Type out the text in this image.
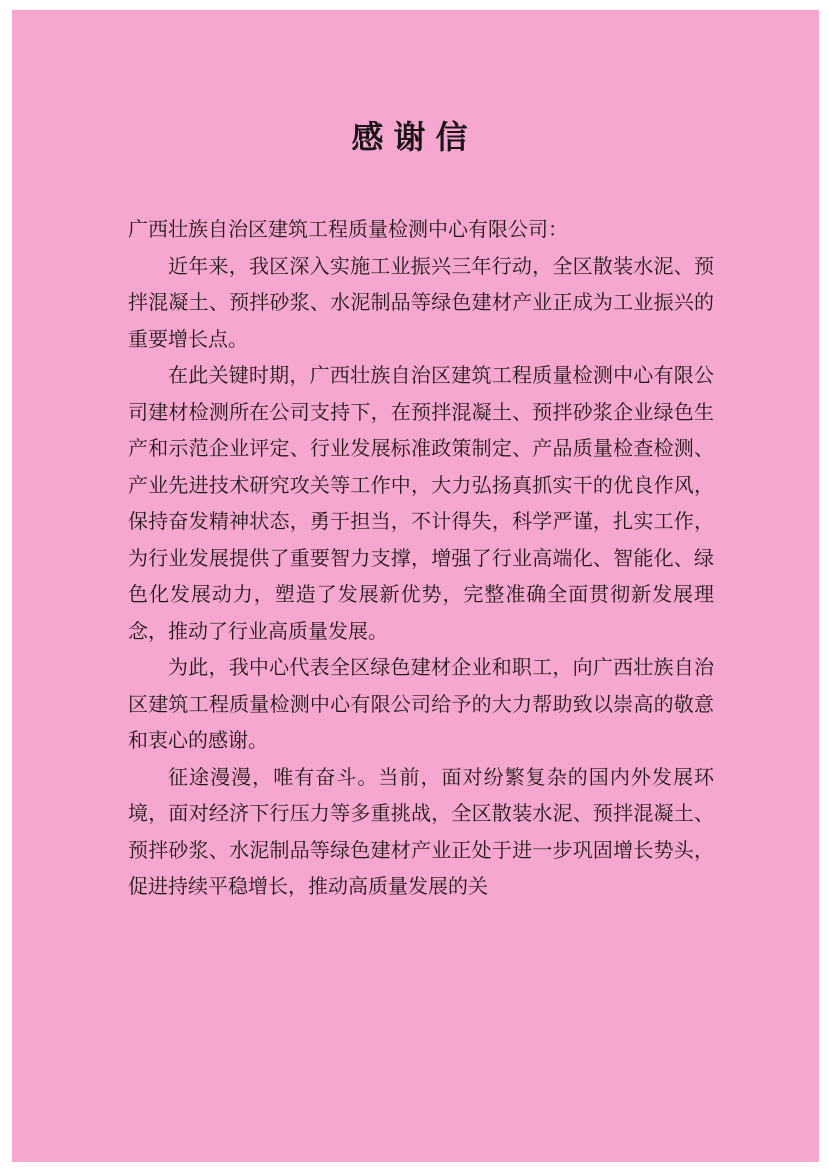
感谢信

广西壮族自治区建筑工程质量检测中心有限公司：

近年来，我区深入实施工业振兴三年行动，全区散装水泥、预拌混凝土、预拌砂浆、水泥制品等绿色建材产业正成为工业振兴的重要增长点。

在此关键时期，广西壮族自治区建筑工程质量检测中心有限公司建材检测所在公司支持下，在预拌混凝土、预拌砂浆企业绿色生产和示范企业评定、行业发展标准政策制定、产品质量检查检测、产业先进技术研究攻关等工作中，大力弘扬真抓实干的优良作风，保持奋发精神状态，勇于担当，不计得失，科学严谨，扎实工作，为行业发展提供了重要智力支撑，增强了行业高端化、智能化、绿色化发展动力，塑造了发展新优势，完整准确全面贯彻新发展理念，推动了行业高质量发展。

为此，我中心代表全区绿色建材企业和职工，向广西壮族自治区建筑工程质量检测中心有限公司给予的大力帮助致以崇高的敬意和衷心的感谢。

征途漫漫，唯有奋斗。当前，面对纷繁复杂的国内外发展环境，面对经济下行压力等多重挑战，全区散装水泥、预拌混凝土、预拌砂浆、水泥制品等绿色建材产业正处于进一步巩固增长势头，促进持续平稳增长，推动高质量发展的关
